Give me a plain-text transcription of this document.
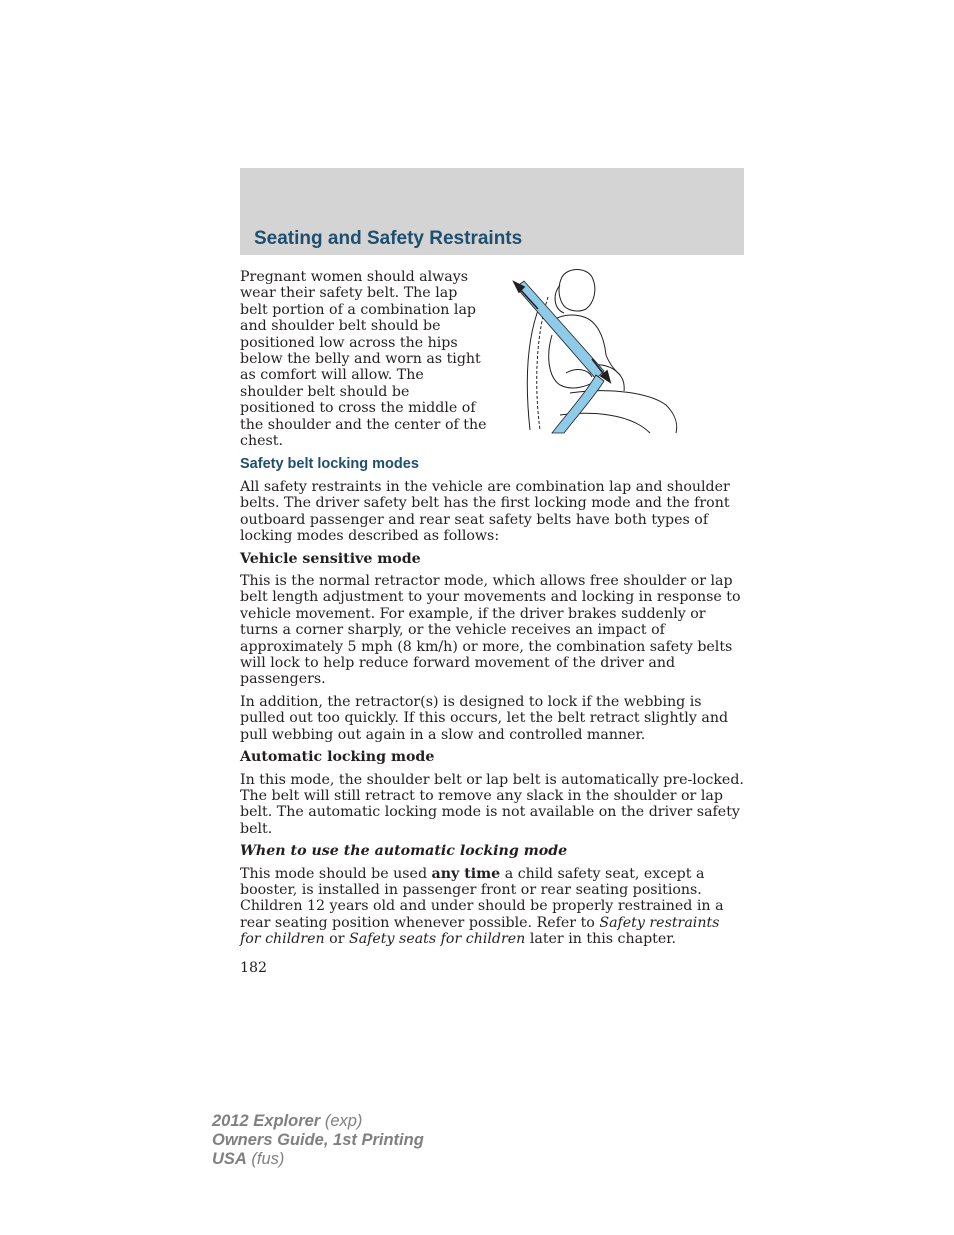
Seating and Safety Restraints

Pregnant women should always wear their safety belt. The lap belt portion of a combination lap and shoulder belt should be positioned low across the hips below the belly and worn as tight as comfort will allow. The shoulder belt should be positioned to cross the middle of the shoulder and the center of the chest.

Safety belt locking modes

All safety restraints in the vehicle are combination lap and shoulder belts. The driver safety belt has the first locking mode and the front outboard passenger and rear seat safety belts have both types of locking modes described as follows:

Vehicle sensitive mode

This is the normal retractor mode, which allows free shoulder or lap belt length adjustment to your movements and locking in response to vehicle movement. For example, if the driver brakes suddenly or turns a corner sharply, or the vehicle receives an impact of approximately 5 mph (8 km/h) or more, the combination safety belts will lock to help reduce forward movement of the driver and passengers.

In addition, the retractor(s) is designed to lock if the webbing is pulled out too quickly. If this occurs, let the belt retract slightly and pull webbing out again in a slow and controlled manner.

Automatic locking mode

In this mode, the shoulder belt or lap belt is automatically pre-locked. The belt will still retract to remove any slack in the shoulder or lap belt. The automatic locking mode is not available on the driver safety belt.

When to use the automatic locking mode

This mode should be used any time a child safety seat, except a booster, is installed in passenger front or rear seating positions. Children 12 years old and under should be properly restrained in a rear seating position whenever possible. Refer to Safety restraints for children or Safety seats for children later in this chapter.

182
2012 Explorer (exp)
Owners Guide, 1st Printing
USA (fus)
